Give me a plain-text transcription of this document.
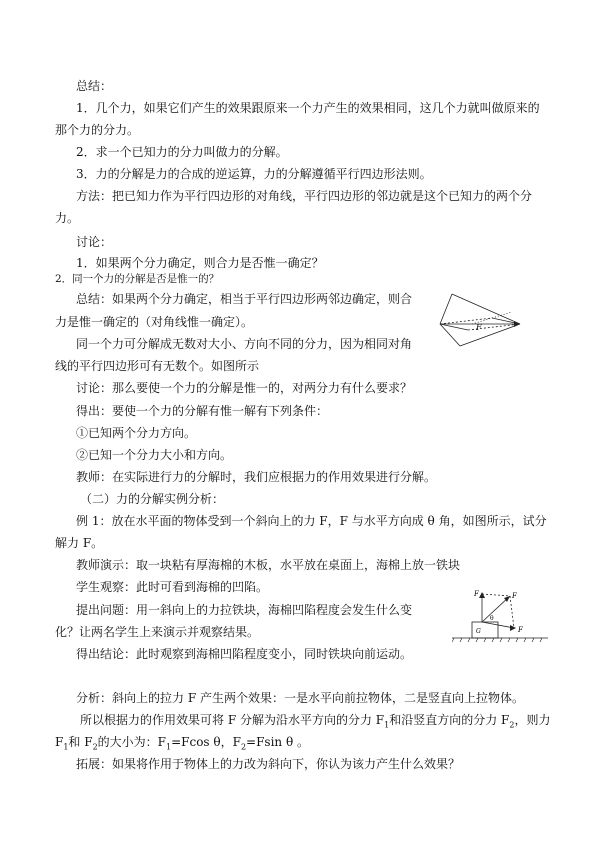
总结：
1．几个力，如果它们产生的效果跟原来一个力产生的效果相同，这几个力就叫做原来的
那个力的分力。
2．求一个已知力的分力叫做力的分解。
3．力的分解是力的合成的逆运算，力的分解遵循平行四边形法则。
方法：把已知力作为平行四边形的对角线，平行四边形的邻边就是这个已知力的两个分
力。
讨论：
1．如果两个分力确定，则合力是否惟一确定？
2．同一个力的分解是否是惟一的？
总结：如果两个分力确定，相当于平行四边形两邻边确定，则合
力是惟一确定的（对角线惟一确定）。
同一个力可分解成无数对大小、方向不同的分力，因为相同对角
线的平行四边形可有无数个。如图所示
讨论：那么要使一个力的分解是惟一的，对两分力有什么要求？
得出：要使一个力的分解有惟一解有下列条件：
①已知两个分力方向。
②已知一个分力大小和方向。
教师：在实际进行力的分解时，我们应根据力的作用效果进行分解。
（二）力的分解实例分析：
例 1：放在水平面的物体受到一个斜向上的力 F，F 与水平方向成 θ 角，如图所示，试分
解力 F。
教师演示：取一块粘有厚海棉的木板，水平放在桌面上，海棉上放一铁块
学生观察：此时可看到海棉的凹陷。
提出问题：用一斜向上的力拉铁块，海棉凹陷程度会发生什么变
化？让两名学生上来演示并观察结果。
得出结论：此时观察到海棉凹陷程度变小，同时铁块向前运动。
分析：斜向上的拉力 F 产生两个效果：一是水平向前拉物体，二是竖直向上拉物体。
所以根据力的作用效果可将 F 分解为沿水平方向的分力 $F_1$和沿竖直方向的分力 $F_2$，则力
$F_1$和 $F_2$的大小为：$F_1=Fcos$ θ，$F_2=Fsin$ θ 。
拓展：如果将作用于物体上的力改为斜向下，你认为该力产生什么效果？
F
F
F
F
θ
G
